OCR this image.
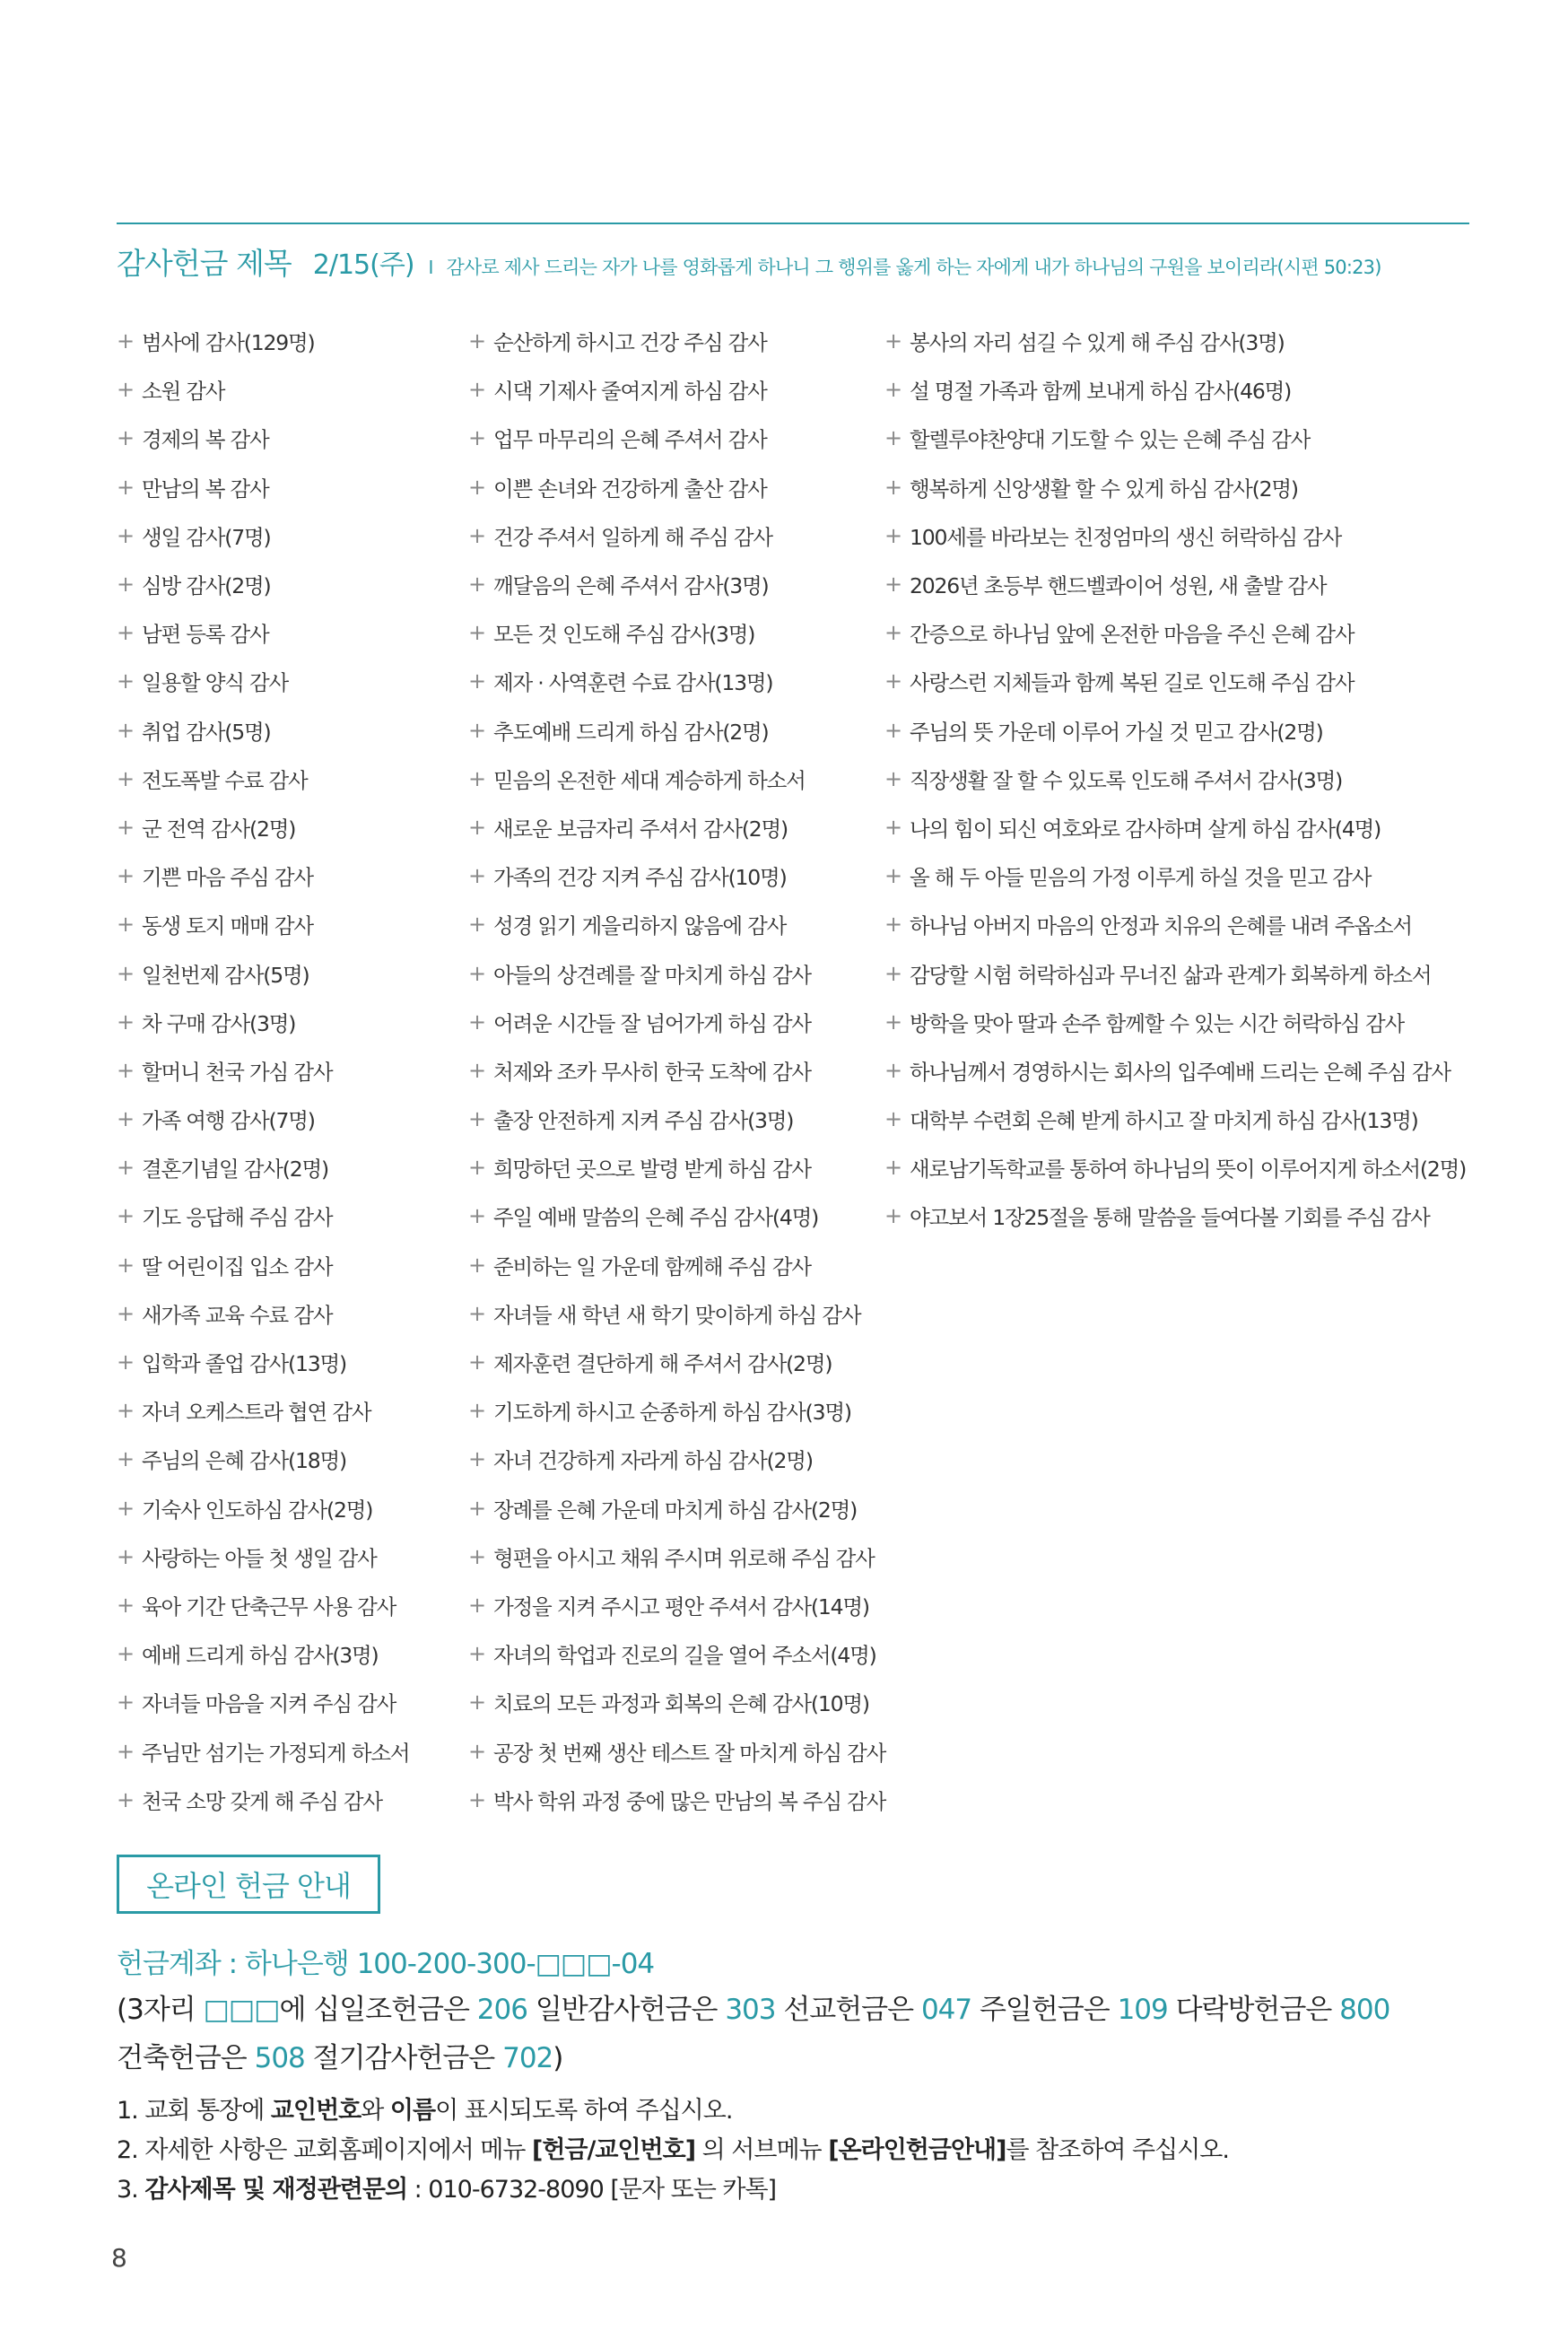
감사헌금 제목 2/15(주) I 감사로 제사 드리는 자가 나를 영화롭게 하나니 그 행위를 옳게 하는 자에게 내가 하나님의 구원을 보이리라(시편 50:23)
+ 범사에 감사(129명)
+ 소원 감사
+ 경제의 복 감사
+ 만남의 복 감사
+ 생일 감사(7명)
+ 심방 감사(2명)
+ 남편 등록 감사
+ 일용할 양식 감사
+ 취업 감사(5명)
+ 전도폭발 수료 감사
+ 군 전역 감사(2명)
+ 기쁜 마음 주심 감사
+ 동생 토지 매매 감사
+ 일천번제 감사(5명)
+ 차 구매 감사(3명)
+ 할머니 천국 가심 감사
+ 가족 여행 감사(7명)
+ 결혼기념일 감사(2명)
+ 기도 응답해 주심 감사
+ 딸 어린이집 입소 감사
+ 새가족 교육 수료 감사
+ 입학과 졸업 감사(13명)
+ 자녀 오케스트라 협연 감사
+ 주님의 은혜 감사(18명)
+ 기숙사 인도하심 감사(2명)
+ 사랑하는 아들 첫 생일 감사
+ 육아 기간 단축근무 사용 감사
+ 예배 드리게 하심 감사(3명)
+ 자녀들 마음을 지켜 주심 감사
+ 주님만 섬기는 가정되게 하소서
+ 천국 소망 갖게 해 주심 감사
+ 순산하게 하시고 건강 주심 감사
+ 시댁 기제사 줄여지게 하심 감사
+ 업무 마무리의 은혜 주셔서 감사
+ 이쁜 손녀와 건강하게 출산 감사
+ 건강 주셔서 일하게 해 주심 감사
+ 깨달음의 은혜 주셔서 감사(3명)
+ 모든 것 인도해 주심 감사(3명)
+ 제자 · 사역훈련 수료 감사(13명)
+ 추도예배 드리게 하심 감사(2명)
+ 믿음의 온전한 세대 계승하게 하소서
+ 새로운 보금자리 주셔서 감사(2명)
+ 가족의 건강 지켜 주심 감사(10명)
+ 성경 읽기 게을리하지 않음에 감사
+ 아들의 상견례를 잘 마치게 하심 감사
+ 어려운 시간들 잘 넘어가게 하심 감사
+ 처제와 조카 무사히 한국 도착에 감사
+ 출장 안전하게 지켜 주심 감사(3명)
+ 희망하던 곳으로 발령 받게 하심 감사
+ 주일 예배 말씀의 은혜 주심 감사(4명)
+ 준비하는 일 가운데 함께해 주심 감사
+ 자녀들 새 학년 새 학기 맞이하게 하심 감사
+ 제자훈련 결단하게 해 주셔서 감사(2명)
+ 기도하게 하시고 순종하게 하심 감사(3명)
+ 자녀 건강하게 자라게 하심 감사(2명)
+ 장례를 은혜 가운데 마치게 하심 감사(2명)
+ 형편을 아시고 채워 주시며 위로해 주심 감사
+ 가정을 지켜 주시고 평안 주셔서 감사(14명)
+ 자녀의 학업과 진로의 길을 열어 주소서(4명)
+ 치료의 모든 과정과 회복의 은혜 감사(10명)
+ 공장 첫 번째 생산 테스트 잘 마치게 하심 감사
+ 박사 학위 과정 중에 많은 만남의 복 주심 감사
+ 봉사의 자리 섬길 수 있게 해 주심 감사(3명)
+ 설 명절 가족과 함께 보내게 하심 감사(46명)
+ 할렐루야찬양대 기도할 수 있는 은혜 주심 감사
+ 행복하게 신앙생활 할 수 있게 하심 감사(2명)
+ 100세를 바라보는 친정엄마의 생신 허락하심 감사
+ 2026년 초등부 핸드벨콰이어 성원, 새 출발 감사
+ 간증으로 하나님 앞에 온전한 마음을 주신 은혜 감사
+ 사랑스런 지체들과 함께 복된 길로 인도해 주심 감사
+ 주님의 뜻 가운데 이루어 가실 것 믿고 감사(2명)
+ 직장생활 잘 할 수 있도록 인도해 주셔서 감사(3명)
+ 나의 힘이 되신 여호와로 감사하며 살게 하심 감사(4명)
+ 올 해 두 아들 믿음의 가정 이루게 하실 것을 믿고 감사
+ 하나님 아버지 마음의 안정과 치유의 은혜를 내려 주옵소서
+ 감당할 시험 허락하심과 무너진 삶과 관계가 회복하게 하소서
+ 방학을 맞아 딸과 손주 함께할 수 있는 시간 허락하심 감사
+ 하나님께서 경영하시는 회사의 입주예배 드리는 은혜 주심 감사
+ 대학부 수련회 은혜 받게 하시고 잘 마치게 하심 감사(13명)
+ 새로남기독학교를 통하여 하나님의 뜻이 이루어지게 하소서(2명)
+ 야고보서 1장25절을 통해 말씀을 들여다볼 기회를 주심 감사
온라인 헌금 안내
헌금계좌 : 하나은행 100-200-300-□□□-04
(3자리 □□□에 십일조헌금은 206 일반감사헌금은 303 선교헌금은 047 주일헌금은 109 다락방헌금은 800
건축헌금은 508 절기감사헌금은 702)
1. 교회 통장에 교인번호와 이름이 표시되도록 하여 주십시오.
2. 자세한 사항은 교회홈페이지에서 메뉴 [헌금/교인번호] 의 서브메뉴 [온라인헌금안내]를 참조하여 주십시오.
3. 감사제목 및 재정관련문의 : 010-6732-8090 [문자 또는 카톡]
8
